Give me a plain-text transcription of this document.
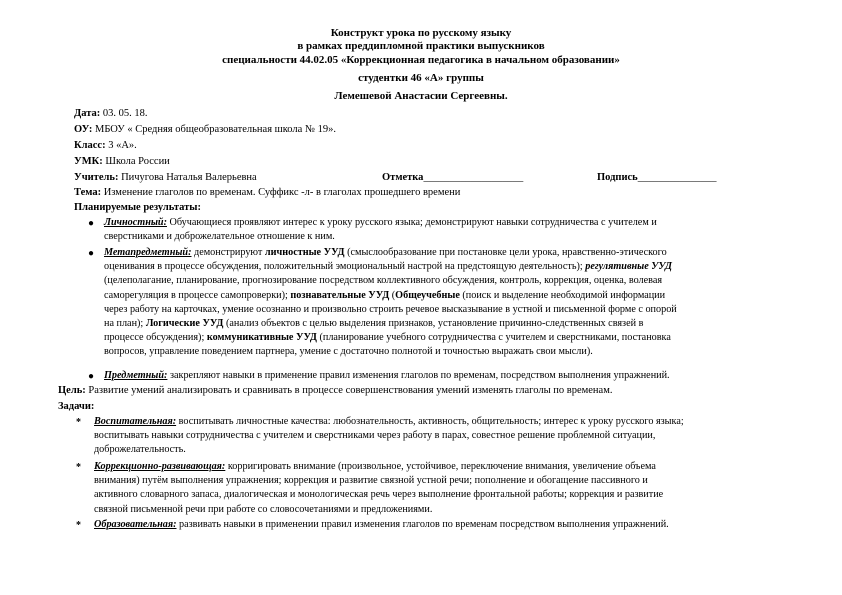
Конструкт урока по русскому языку
в рамках преддипломной практики выпускников
специальности 44.02.05 «Коррекционная педагогика в начальном образовании»
студентки 46 «А» группы
Лемешевой Анастасии Сергеевны.
Дата: 03. 05. 18.
ОУ: МБОУ « Средняя общеобразовательная школа № 19».
Класс: 3 «А».
УМК: Школа России
Учитель: Пичугова Наталья Валерьевна	Отметка___________________	Подпись_______________
Тема: Изменение глаголов по временам. Суффикс -л- в глаголах прошедшего времени
Планируемые результаты:
● Личностный: Обучающиеся проявляют интерес к уроку русского языка; демонстрируют навыки сотрудничества с учителем и
сверстниками и доброжелательное отношение к ним.
● Метапредметный: демонстрируют личностные УУД (смыслообразование при постановке цели урока, нравственно-этического
оценивания в процессе обсуждения, положительный эмоциональный настрой на предстоящую деятельность); регулятивные УУД
(целеполагание, планирование, прогнозирование посредством коллективного обсуждения, контроль, коррекция, оценка, волевая
саморегуляция в процессе самопроверки); познавательные УУД (Общеучебные (поиск и выделение необходимой информации
через работу на карточках, умение осознанно и произвольно строить речевое высказывание в устной и письменной форме с опорой
на план); Логические УУД (анализ объектов с целью выделения признаков, установление причинно-следственных связей в
процессе обсуждения); коммуникативные УУД (планирование учебного сотрудничества с учителем и сверстниками, постановка
вопросов, управление поведением партнера, умение с достаточно полнотой и точностью выражать свои мысли).
● Предметный: закрепляют навыки в применение правил изменения глаголов по временам, посредством выполнения упражнений.
Цель: Развитие умений анализировать и сравнивать в процессе совершенствования умений изменять глаголы по временам.
Задачи:
* Воспитательная: воспитывать личностные качества: любознательность, активность, общительность; интерес к уроку русского языка;
воспитывать навыки сотрудничества с учителем и сверстниками через работу в парах, совестное решение проблемной ситуации,
доброжелательность.
* Коррекционно-развивающая: корригировать внимание (произвольное, устойчивое, переключение внимания, увеличение объема
внимания) путём выполнения упражнения; коррекция и развитие связной устной речи; пополнение и обогащение пассивного и
активного словарного запаса, диалогическая и монологическая речь через выполнение фронтальной работы; коррекция и развитие
связной письменной речи при работе со словосочетаниями и предложениями.
* Образовательная: развивать навыки в применении правил изменения глаголов по временам посредством выполнения упражнений.
